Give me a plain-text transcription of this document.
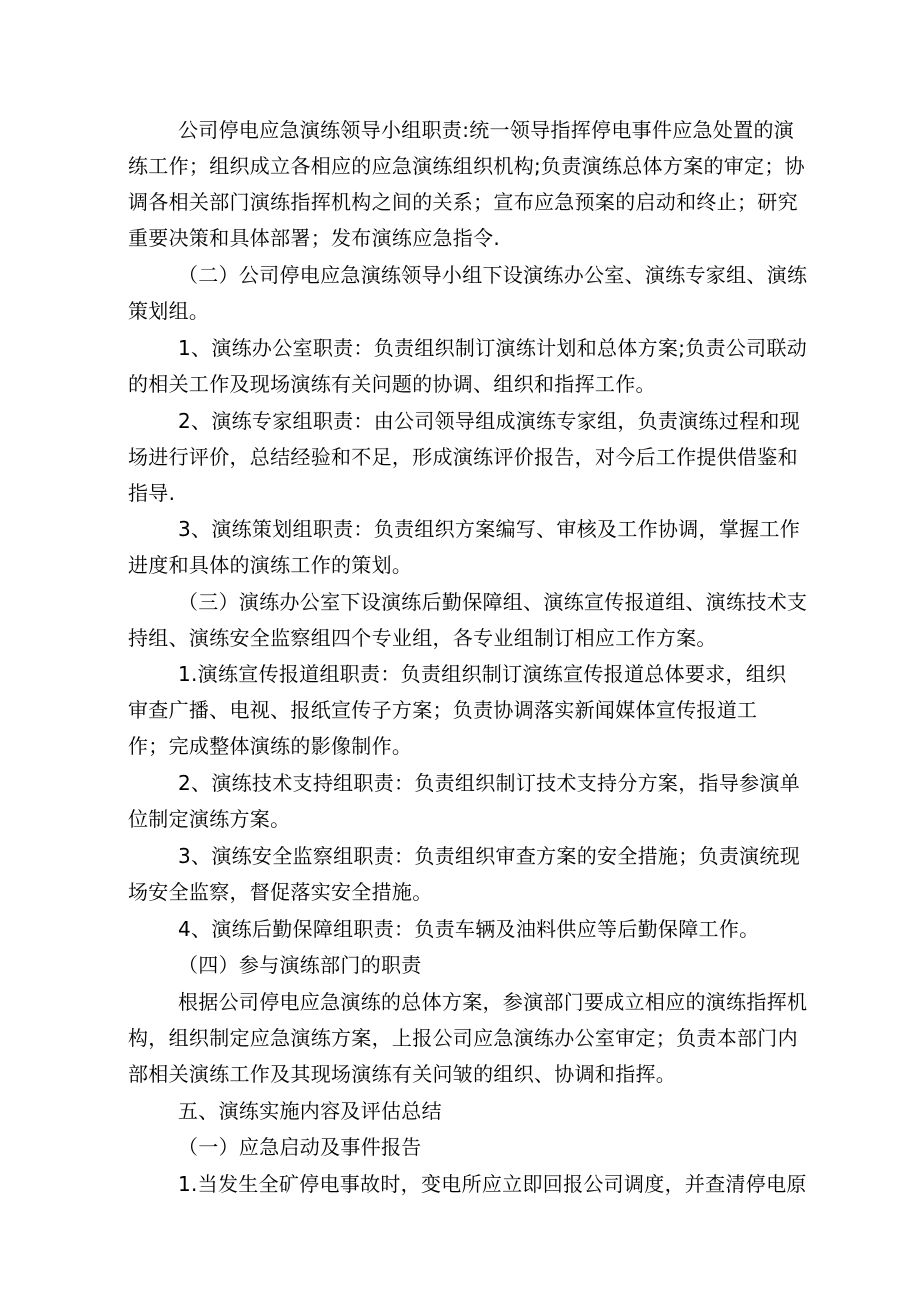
公司停电应急演练领导小组职责:统一领导指挥停电事件应急处置的演
练工作；组织成立各相应的应急演练组织机构;负责演练总体方案的审定；协
调各相关部门演练指挥机构之间的关系；宣布应急预案的启动和终止；研究
重要决策和具体部署；发布演练应急指令.
（二）公司停电应急演练领导小组下设演练办公室、演练专家组、演练
策划组。
1、演练办公室职责：负责组织制订演练计划和总体方案;负责公司联动
的相关工作及现场演练有关问题的协调、组织和指挥工作。
2、演练专家组职责：由公司领导组成演练专家组，负责演练过程和现
场进行评价，总结经验和不足，形成演练评价报告，对今后工作提供借鉴和
指导.
3、演练策划组职责：负责组织方案编写、审核及工作协调，掌握工作
进度和具体的演练工作的策划。
（三）演练办公室下设演练后勤保障组、演练宣传报道组、演练技术支
持组、演练安全监察组四个专业组，各专业组制订相应工作方案。
1.演练宣传报道组职责：负责组织制订演练宣传报道总体要求，组织
审查广播、电视、报纸宣传子方案；负责协调落实新闻媒体宣传报道工
作；完成整体演练的影像制作。
2、演练技术支持组职责：负责组织制订技术支持分方案，指导参演单
位制定演练方案。
3、演练安全监察组职责：负责组织审查方案的安全措施；负责演统现
场安全监察，督促落实安全措施。
4、演练后勤保障组职责：负责车辆及油料供应等后勤保障工作。
（四）参与演练部门的职责
根据公司停电应急演练的总体方案，参演部门要成立相应的演练指挥机
构，组织制定应急演练方案，上报公司应急演练办公室审定；负责本部门内
部相关演练工作及其现场演练有关问皱的组织、协调和指挥。
五、演练实施内容及评估总结
（一）应急启动及事件报告
1.当发生全矿停电事故时，变电所应立即回报公司调度，并查清停电原
